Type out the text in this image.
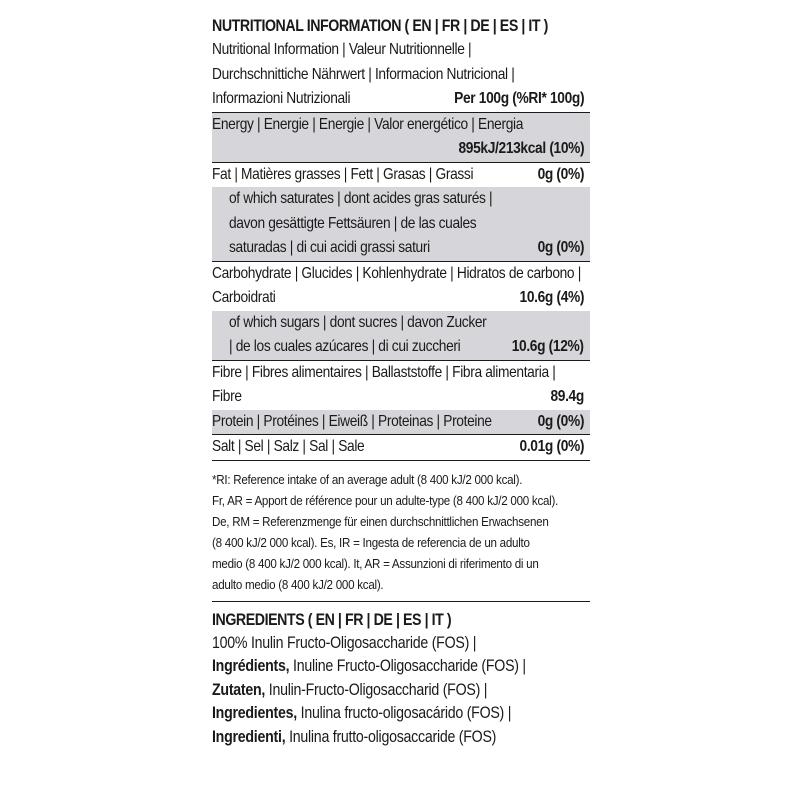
NUTRITIONAL INFORMATION ( EN | FR | DE | ES | IT )
Nutritional Information | Valeur Nutritionnelle |
Durchschnittiche Nährwert | Informacion Nutricional |
Informazioni Nutrizionali	Per 100g (%RI* 100g)
Energy | Energie | Energie | Valor energético | Energia
895kJ/213kcal (10%)
Fat | Matières grasses | Fett | Grasas | Grassi	0g (0%)
of which saturates | dont acides gras saturés |
davon gesättigte Fettsäuren | de las cuales
saturadas | di cui acidi grassi saturi	0g (0%)
Carbohydrate | Glucides | Kohlenhydrate | Hidratos de carbono |
Carboidrati	10.6g (4%)
of which sugars | dont sucres | davon Zucker
| de los cuales azúcares | di cui zuccheri	10.6g (12%)
Fibre | Fibres alimentaires | Ballaststoffe | Fibra alimentaria |
Fibre	89.4g
Protein | Protéines | Eiweiß | Proteinas | Proteine	0g (0%)
Salt | Sel | Salz | Sal | Sale	0.01g (0%)
*RI: Reference intake of an average adult (8 400 kJ/2 000 kcal).
Fr, AR = Apport de référence pour un adulte-type (8 400 kJ/2 000 kcal).
De, RM = Referenzmenge für einen durchschnittlichen Erwachsenen
(8 400 kJ/2 000 kcal). Es, IR = Ingesta de referencia de un adulto
medio (8 400 kJ/2 000 kcal). It, AR = Assunzioni di riferimento di un
adulto medio (8 400 kJ/2 000 kcal).
INGREDIENTS ( EN | FR | DE | ES | IT )
100% Inulin Fructo-Oligosaccharide (FOS) |
Ingrédients, Inuline Fructo-Oligosaccharide (FOS) |
Zutaten, Inulin-Fructo-Oligosaccharid (FOS) |
Ingredientes, Inulina fructo-oligosacárido (FOS) |
Ingredienti, Inulina frutto-oligosaccaride (FOS)
